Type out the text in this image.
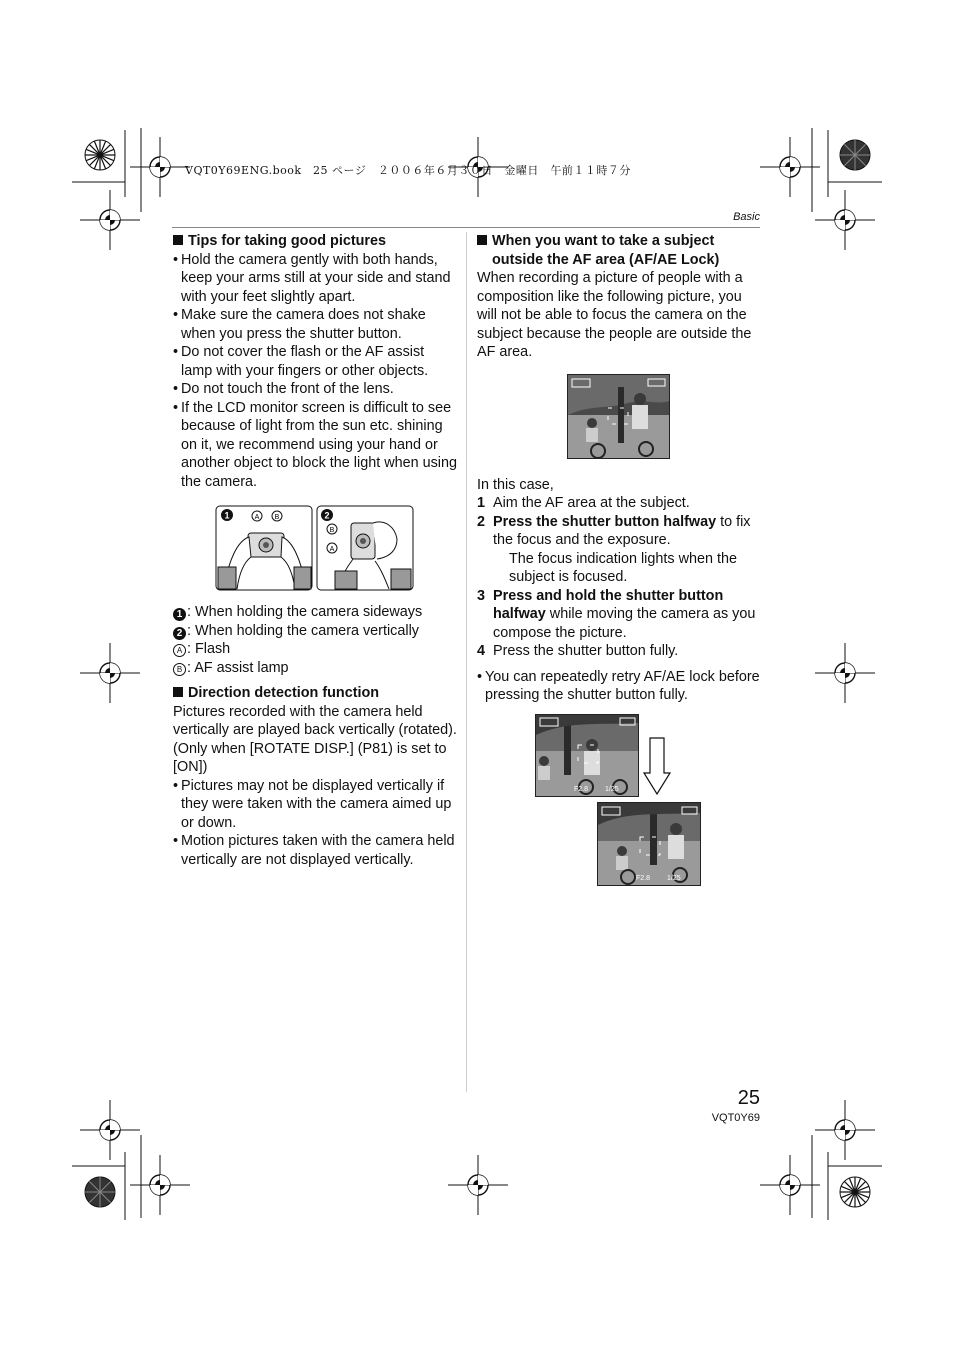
VQT0Y69ENG.book　25 ページ　２００６年６月３０日　金曜日　午前１１時７分
Basic
Tips for taking good pictures
• Hold the camera gently with both hands, keep your arms still at your side and stand with your feet slightly apart.
• Make sure the camera does not shake when you press the shutter button.
• Do not cover the flash or the AF assist lamp with your fingers or other objects.
• Do not touch the front of the lens.
• If the LCD monitor screen is difficult to see because of light from the sun etc. shining on it, we recommend using your hand or another object to block the light when using the camera.
1	2
A B
B
A
1 : When holding the camera sideways
2 : When holding the camera vertically
A : Flash
B : AF assist lamp
Direction detection function

Pictures recorded with the camera held vertically are played back vertically (rotated). (Only when [ROTATE DISP.] (P81) is set to [ON])

• Pictures may not be displayed vertically if they were taken with the camera aimed up or down.
• Motion pictures taken with the camera held vertically are not displayed vertically.
When you want to take a subject outside the AF area (AF/AE Lock)

When recording a picture of people with a composition like the following picture, you will not be able to focus the camera on the subject because the people are outside the AF area.

In this case,

1 Aim the AF area at the subject.
2 Press the shutter button halfway to fix the focus and the exposure.
The focus indication lights when the subject is focused.
3 Press and hold the shutter button halfway while moving the camera as you compose the picture.
4 Press the shutter button fully.
• You can repeatedly retry AF/AE lock before pressing the shutter button fully.
F2.8 1/25
F2.8 1/25
25
VQT0Y69
